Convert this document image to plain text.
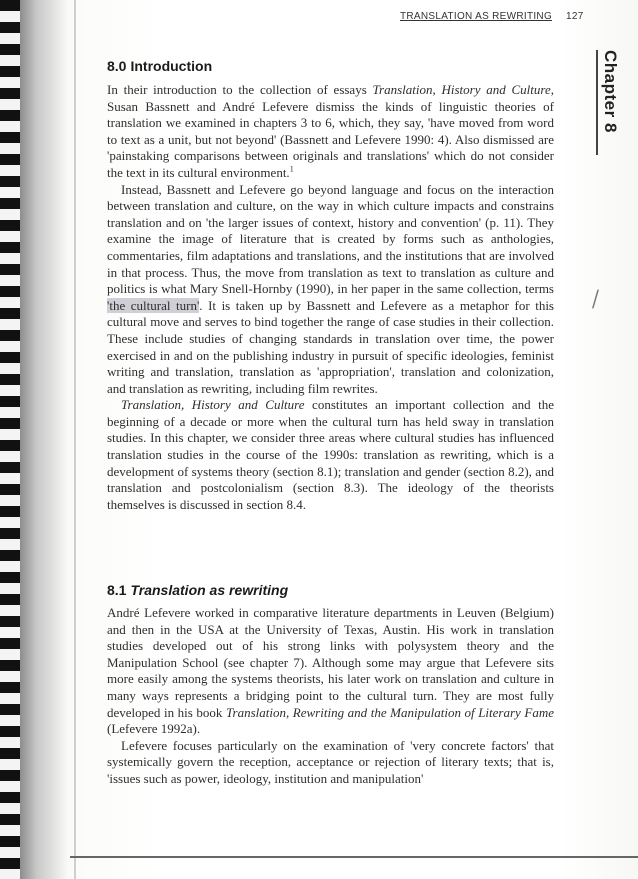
TRANSLATION AS REWRITING 127
Chapter 8
8.0 Introduction

In their introduction to the collection of essays Translation, History and Culture, Susan Bassnett and André Lefevere dismiss the kinds of linguistic theories of translation we examined in chapters 3 to 6, which, they say, 'have moved from word to text as a unit, but not beyond' (Bassnett and Lefevere 1990: 4). Also dismissed are 'painstaking comparisons between originals and translations' which do not consider the text in its cultural environment.$^1$

Instead, Bassnett and Lefevere go beyond language and focus on the interaction between translation and culture, on the way in which culture impacts and constrains translation and on 'the larger issues of context, history and convention' (p. 11). They examine the image of literature that is created by forms such as anthologies, commentaries, film adaptations and translations, and the institutions that are involved in that process. Thus, the move from translation as text to translation as culture and politics is what Mary Snell-Hornby (1990), in her paper in the same collection, terms 'the cultural turn'. It is taken up by Bassnett and Lefevere as a metaphor for this cultural move and serves to bind together the range of case studies in their collection. These include studies of changing standards in translation over time, the power exercised in and on the publishing industry in pursuit of specific ideologies, feminist writing and translation, translation as 'appropriation', translation and colonization, and translation as rewriting, including film rewrites.

Translation, History and Culture constitutes an important collection and the beginning of a decade or more when the cultural turn has held sway in translation studies. In this chapter, we consider three areas where cultural studies has influenced translation studies in the course of the 1990s: translation as rewriting, which is a development of systems theory (section 8.1); translation and gender (section 8.2), and translation and postcolonialism (section 8.3). The ideology of the theorists themselves is discussed in section 8.4.

8.1 Translation as rewriting

André Lefevere worked in comparative literature departments in Leuven (Belgium) and then in the USA at the University of Texas, Austin. His work in translation studies developed out of his strong links with polysystem theory and the Manipulation School (see chapter 7). Although some may argue that Lefevere sits more easily among the systems theorists, his later work on translation and culture in many ways represents a bridging point to the cultural turn. They are most fully developed in his book Translation, Rewriting and the Manipulation of Literary Fame (Lefevere 1992a).

Lefevere focuses particularly on the examination of 'very concrete factors' that systemically govern the reception, acceptance or rejection of literary texts; that is, 'issues such as power, ideology, institution and manipulation'

⁄
